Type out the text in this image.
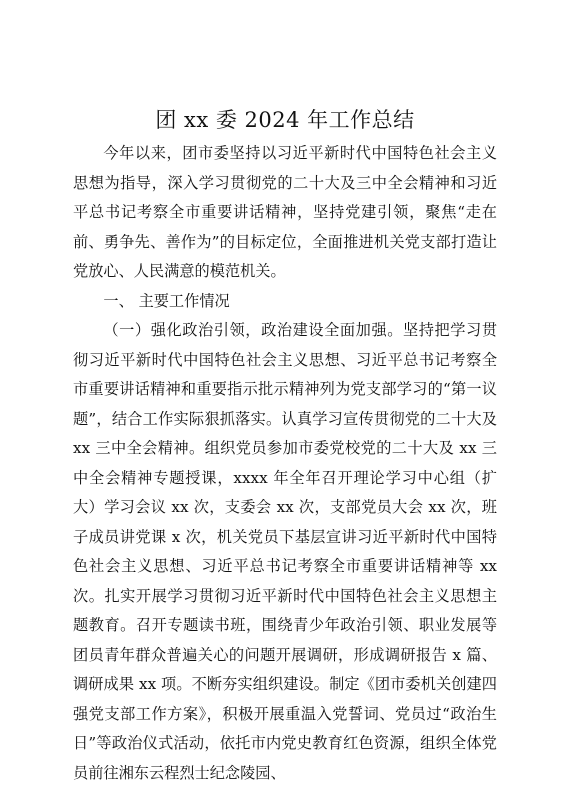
团 xx 委 2024 年工作总结

今年以来，团市委坚持以习近平新时代中国特色社会主义思想为指导，深入学习贯彻党的二十大及三中全会精神和习近平总书记考察全市重要讲话精神，坚持党建引领，聚焦“走在前、勇争先、善作为”的目标定位，全面推进机关党支部打造让党放心、人民满意的模范机关。

一、 主要工作情况

（一）强化政治引领，政治建设全面加强。坚持把学习贯彻习近平新时代中国特色社会主义思想、习近平总书记考察全市重要讲话精神和重要指示批示精神列为党支部学习的“第一议题”，结合工作实际狠抓落实。认真学习宣传贯彻党的二十大及 xx 三中全会精神。组织党员参加市委党校党的二十大及 xx 三中全会精神专题授课，xxxx 年全年召开理论学习中心组（扩大）学习会议 xx 次，支委会 xx 次，支部党员大会 xx 次，班子成员讲党课 x 次，机关党员下基层宣讲习近平新时代中国特色社会主义思想、习近平总书记考察全市重要讲话精神等 xx 次。扎实开展学习贯彻习近平新时代中国特色社会主义思想主题教育。召开专题读书班，围绕青少年政治引领、职业发展等团员青年群众普遍关心的问题开展调研，形成调研报告 x 篇、调研成果 xx 项。不断夯实组织建设。制定《团市委机关创建四强党支部工作方案》，积极开展重温入党誓词、党员过“政治生日”等政治仪式活动，依托市内党史教育红色资源，组织全体党员前往湘东云程烈士纪念陵园、
